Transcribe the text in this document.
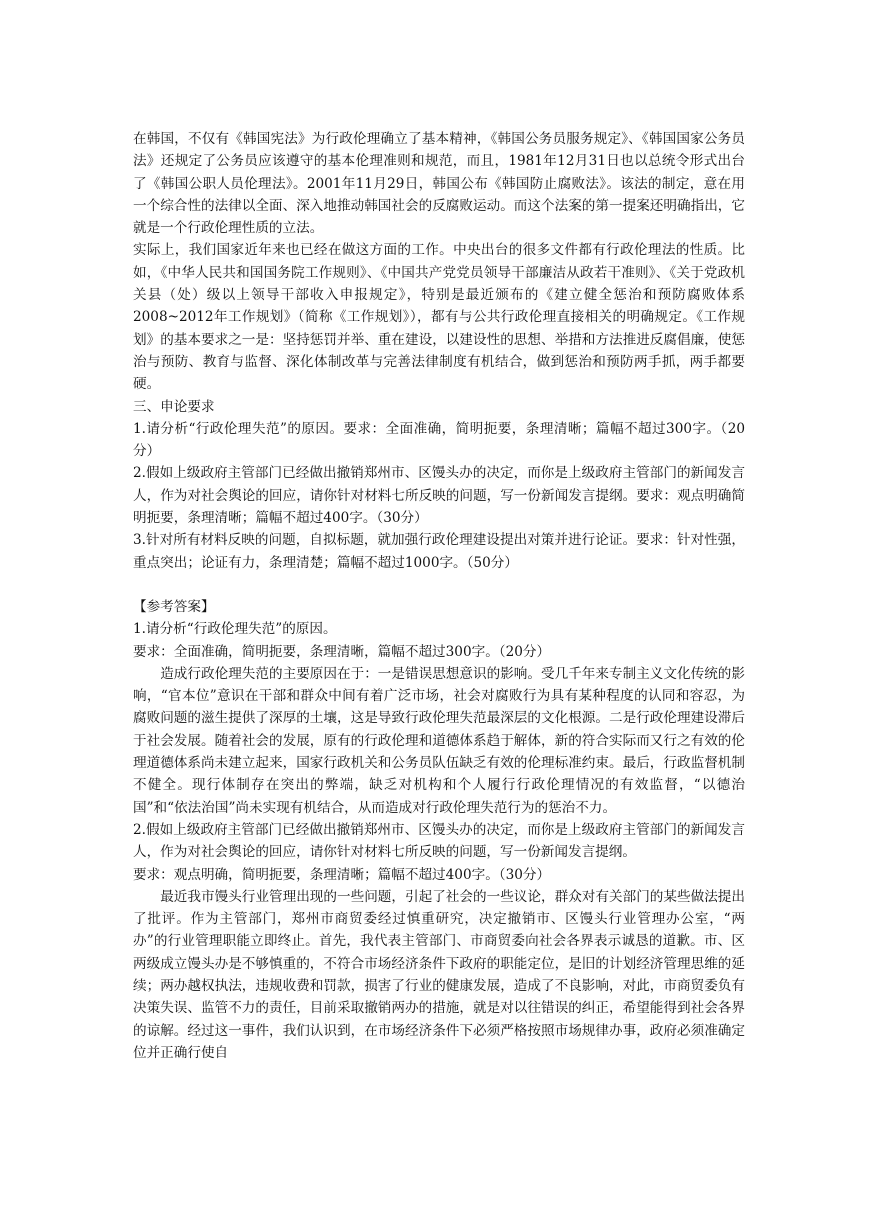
在韩国，不仅有《韩国宪法》为行政伦理确立了基本精神，《韩国公务员服务规定》、《韩国国家公务员法》还规定了公务员应该遵守的基本伦理准则和规范，而且，1981年12月31日也以总统令形式出台了《韩国公职人员伦理法》。2001年11月29日，韩国公布《韩国防止腐败法》。该法的制定，意在用一个综合性的法律以全面、深入地推动韩国社会的反腐败运动。而这个法案的第一提案还明确指出，它就是一个行政伦理性质的立法。

实际上，我们国家近年来也已经在做这方面的工作。中央出台的很多文件都有行政伦理法的性质。比如，《中华人民共和国国务院工作规则》、《中国共产党党员领导干部廉洁从政若干准则》、《关于党政机关县（处）级以上领导干部收入申报规定》，特别是最近颁布的《建立健全惩治和预防腐败体系2008~2012年工作规划》（简称《工作规划》），都有与公共行政伦理直接相关的明确规定。《工作规划》的基本要求之一是：坚持惩罚并举、重在建设，以建设性的思想、举措和方法推进反腐倡廉，使惩治与预防、教育与监督、深化体制改革与完善法律制度有机结合，做到惩治和预防两手抓，两手都要硬。

三、申论要求

1.请分析“行政伦理失范”的原因。要求：全面准确，简明扼要，条理清晰；篇幅不超过300字。（20分）

2.假如上级政府主管部门已经做出撤销郑州市、区馒头办的决定，而你是上级政府主管部门的新闻发言人，作为对社会舆论的回应，请你针对材料七所反映的问题，写一份新闻发言提纲。要求：观点明确简明扼要，条理清晰；篇幅不超过400字。（30分）

3.针对所有材料反映的问题，自拟标题，就加强行政伦理建设提出对策并进行论证。要求：针对性强，重点突出；论证有力，条理清楚；篇幅不超过1000字。（50分）

【参考答案】

1.请分析“行政伦理失范”的原因。

要求：全面准确，简明扼要，条理清晰，篇幅不超过300字。（20分）

造成行政伦理失范的主要原因在于：一是错误思想意识的影响。受几千年来专制主义文化传统的影响，“官本位”意识在干部和群众中间有着广泛市场，社会对腐败行为具有某种程度的认同和容忍，为腐败问题的滋生提供了深厚的土壤，这是导致行政伦理失范最深层的文化根源。二是行政伦理建设滞后于社会发展。随着社会的发展，原有的行政伦理和道德体系趋于解体，新的符合实际而又行之有效的伦理道德体系尚未建立起来，国家行政机关和公务员队伍缺乏有效的伦理标准约束。最后，行政监督机制不健全。现行体制存在突出的弊端，缺乏对机构和个人履行行政伦理情况的有效监督，“以德治国”和“依法治国”尚未实现有机结合，从而造成对行政伦理失范行为的惩治不力。

2.假如上级政府主管部门已经做出撤销郑州市、区馒头办的决定，而你是上级政府主管部门的新闻发言人，作为对社会舆论的回应，请你针对材料七所反映的问题，写一份新闻发言提纲。

要求：观点明确，简明扼要，条理清晰；篇幅不超过400字。（30分）

最近我市馒头行业管理出现的一些问题，引起了社会的一些议论，群众对有关部门的某些做法提出了批评。作为主管部门，郑州市商贸委经过慎重研究，决定撤销市、区馒头行业管理办公室，“两办”的行业管理职能立即终止。首先，我代表主管部门、市商贸委向社会各界表示诚恳的道歉。市、区两级成立馒头办是不够慎重的，不符合市场经济条件下政府的职能定位，是旧的计划经济管理思维的延续；两办越权执法，违规收费和罚款，损害了行业的健康发展，造成了不良影响，对此，市商贸委负有决策失误、监管不力的责任，目前采取撤销两办的措施，就是对以往错误的纠正，希望能得到社会各界的谅解。经过这一事件，我们认识到，在市场经济条件下必须严格按照市场规律办事，政府必须准确定位并正确行使自
